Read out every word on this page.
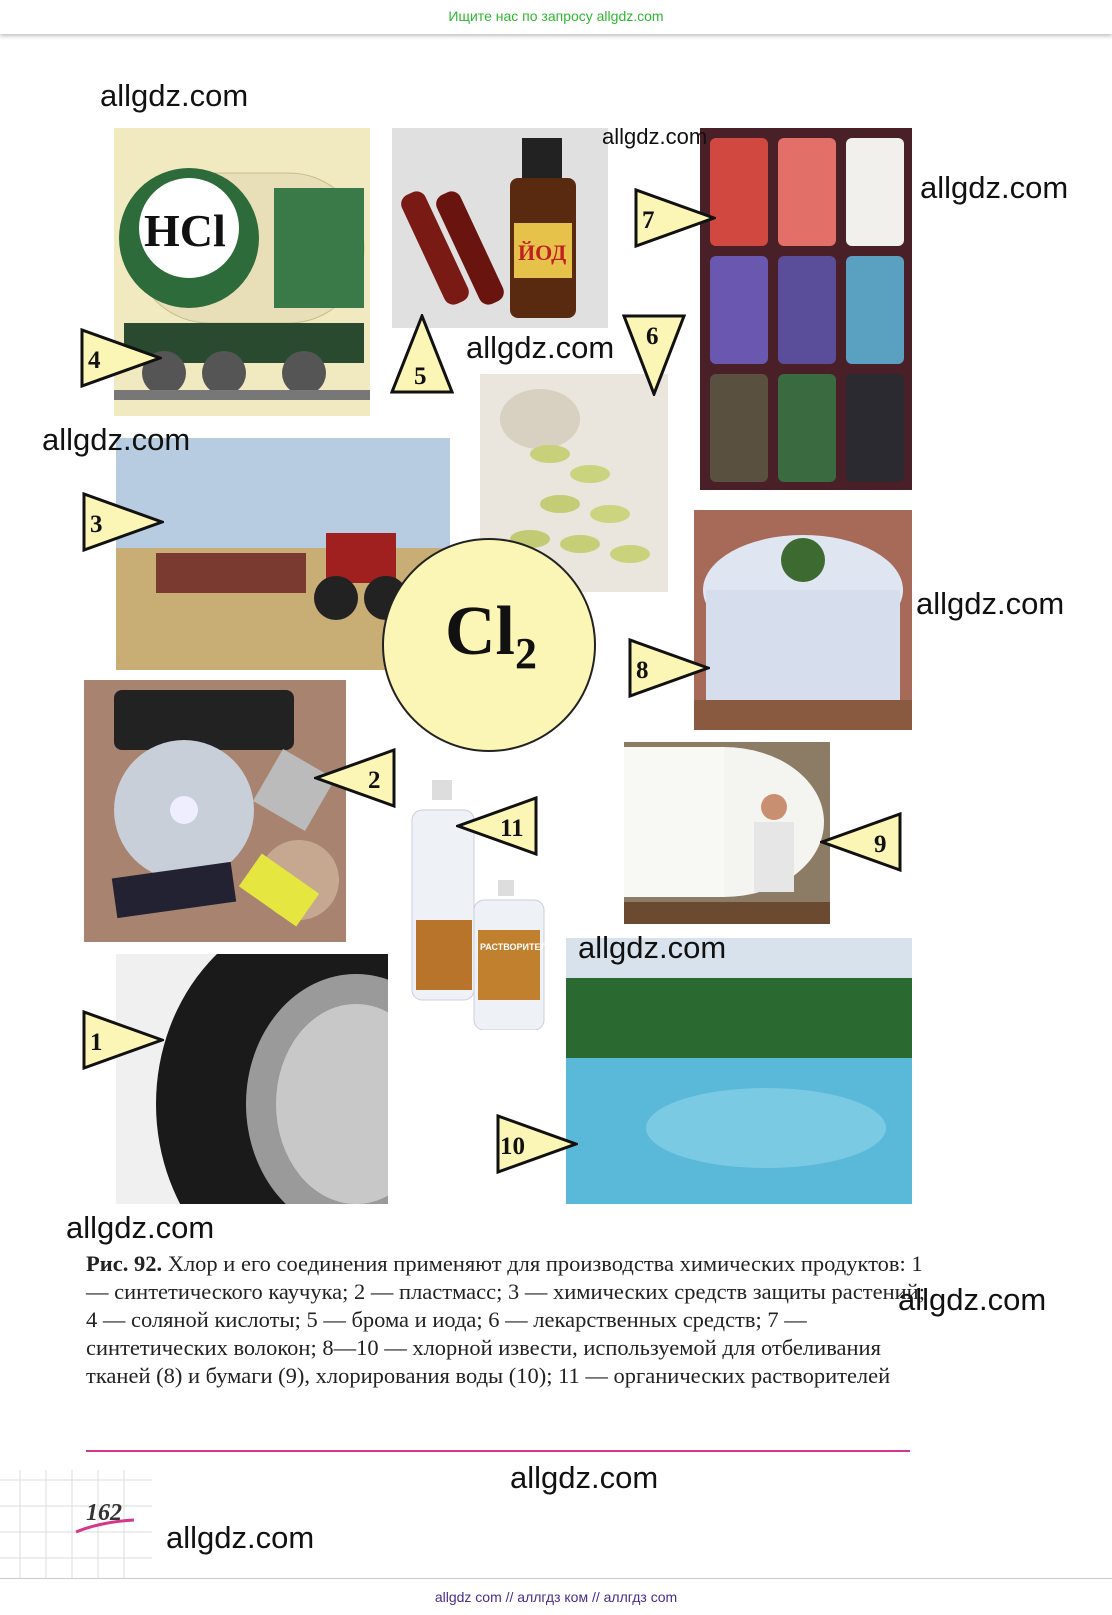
Ищите нас по запросу allgdz.com
HCl	ЙОД
РАСТВОРИТЕЛЬ
$Cl_2$
4
5
6
7
3
8
2
11
9
1
10
allgdz.com
allgdz.com
allgdz.com
allgdz.com
allgdz.com
allgdz.com
allgdz.com
allgdz.com
allgdz.com
allgdz.com
allgdz.com
Рис. 92. Хлор и его соединения применяют для производства химических продуктов: 1 — синтетического каучука; 2 — пластмасс; 3 — химических средств защиты растений; 4 — соляной кислоты; 5 — брома и иода; 6 — лекарственных средств; 7 — синтетических волокон; 8—10 — хлорной извести, используемой для отбеливания тканей (8) и бумаги (9), хлорирования воды (10); 11 — органических растворителей
162
allgdz com // аллгдз ком // аллгдз com
